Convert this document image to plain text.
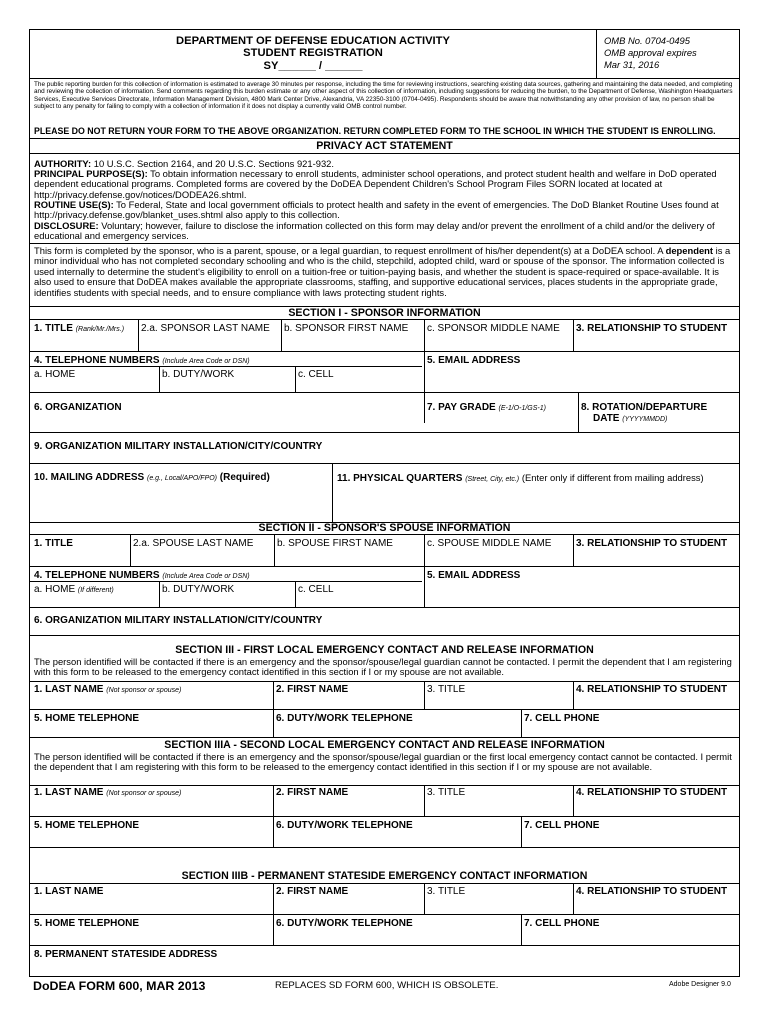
DEPARTMENT OF DEFENSE EDUCATION ACTIVITY
STUDENT REGISTRATION
SY______ / ______
OMB No. 0704-0495
OMB approval expires
Mar 31, 2016
The public reporting burden for this collection of information is estimated to average 30 minutes per response, including the time for reviewing instructions, searching existing data sources, gathering and maintaining the data needed, and completing and reviewing the collection of information. Send comments regarding this burden estimate or any other aspect of this collection of information, including suggestions for reducing the burden, to the Department of Defense, Washington Headquarters Services, Executive Services Directorate, Information Management Division, 4800 Mark Center Drive, Alexandria, VA 22350-3100 (0704-0495). Respondents should be aware that notwithstanding any other provision of law, no person shall be subject to any penalty for failing to comply with a collection of information if it does not display a currently valid OMB control number.
PLEASE DO NOT RETURN YOUR FORM TO THE ABOVE ORGANIZATION. RETURN COMPLETED FORM TO THE SCHOOL IN WHICH THE STUDENT IS ENROLLING.
PRIVACY ACT STATEMENT
AUTHORITY: 10 U.S.C. Section 2164, and 20 U.S.C. Sections 921-932.
PRINCIPAL PURPOSE(S): To obtain information necessary to enroll students, administer school operations, and protect student health and welfare in DoD operated dependent educational programs. Completed forms are covered by the DoDEA Dependent Children's School Program Files SORN located at located at http://privacy.defense.gov/notices/DODEA26.shtml.
ROUTINE USE(S): To Federal, State and local government officials to protect health and safety in the event of emergencies. The DoD Blanket Routine Uses found at http://privacy.defense.gov/blanket_uses.shtml also apply to this collection.
DISCLOSURE: Voluntary; however, failure to disclose the information collected on this form may delay and/or prevent the enrollment of a child and/or the delivery of educational and emergency services.
This form is completed by the sponsor, who is a parent, spouse, or a legal guardian, to request enrollment of his/her dependent(s) at a DoDEA school. A dependent is a minor individual who has not completed secondary schooling and who is the child, stepchild, adopted child, ward or spouse of the sponsor. The information collected is used internally to determine the student's eligibility to enroll on a tuition-free or tuition-paying basis, and whether the student is space-required or space-available. It is also used to ensure that DoDEA makes available the appropriate classrooms, staffing, and supportive educational services, places students in the appropriate grade, identifies students with special needs, and to ensure compliance with laws protecting student rights.
SECTION I - SPONSOR INFORMATION
1. TITLE (Rank/Mr./Mrs.) 2.a. SPONSOR LAST NAME b. SPONSOR FIRST NAME c. SPONSOR MIDDLE NAME 3. RELATIONSHIP TO STUDENT
4. TELEPHONE NUMBERS (Include Area Code or DSN)	5. EMAIL ADDRESS
a. HOME	b. DUTY/WORK	c. CELL
6. ORGANIZATION	7. PAY GRADE (E-1/O-1/GS-1)	8. ROTATION/DEPARTURE
DATE (YYYYMMDD)
9. ORGANIZATION MILITARY INSTALLATION/CITY/COUNTRY
10. MAILING ADDRESS (e.g., Local/APO/FPO) (Required)	11. PHYSICAL QUARTERS (Street, City, etc.) (Enter only if different from mailing address)
SECTION II - SPONSOR'S SPOUSE INFORMATION
1. TITLE	2.a. SPOUSE LAST NAME b. SPOUSE FIRST NAME	c. SPOUSE MIDDLE NAME 3. RELATIONSHIP TO STUDENT
4. TELEPHONE NUMBERS (Include Area Code or DSN)	5. EMAIL ADDRESS
a. HOME (If different)	b. DUTY/WORK	c. CELL
6. ORGANIZATION MILITARY INSTALLATION/CITY/COUNTRY
SECTION III - FIRST LOCAL EMERGENCY CONTACT AND RELEASE INFORMATION
The person identified will be contacted if there is an emergency and the sponsor/spouse/legal guardian cannot be contacted. I permit the dependent that I am registering with this form to be released to the emergency contact identified in this section if I or my spouse are not available.
1. LAST NAME (Not sponsor or spouse)	2. FIRST NAME	3. TITLE	4. RELATIONSHIP TO STUDENT
5. HOME TELEPHONE	6. DUTY/WORK TELEPHONE	7. CELL PHONE
SECTION IIIA - SECOND LOCAL EMERGENCY CONTACT AND RELEASE INFORMATION
The person identified will be contacted if there is an emergency and the sponsor/spouse/legal guardian or the first local emergency contact cannot be contacted. I permit the dependent that I am registering with this form to be released to the emergency contact identified in this section if I or my spouse are not available.
1. LAST NAME (Not sponsor or spouse)	2. FIRST NAME	3. TITLE	4. RELATIONSHIP TO STUDENT
5. HOME TELEPHONE	6. DUTY/WORK TELEPHONE	7. CELL PHONE
SECTION IIIB - PERMANENT STATESIDE EMERGENCY CONTACT INFORMATION
1. LAST NAME	2. FIRST NAME	3. TITLE	4. RELATIONSHIP TO STUDENT
5. HOME TELEPHONE	6. DUTY/WORK TELEPHONE	7. CELL PHONE
8. PERMANENT STATESIDE ADDRESS
DoDEA FORM 600, MAR 2013	REPLACES SD FORM 600, WHICH IS OBSOLETE.	Adobe Designer 9.0
